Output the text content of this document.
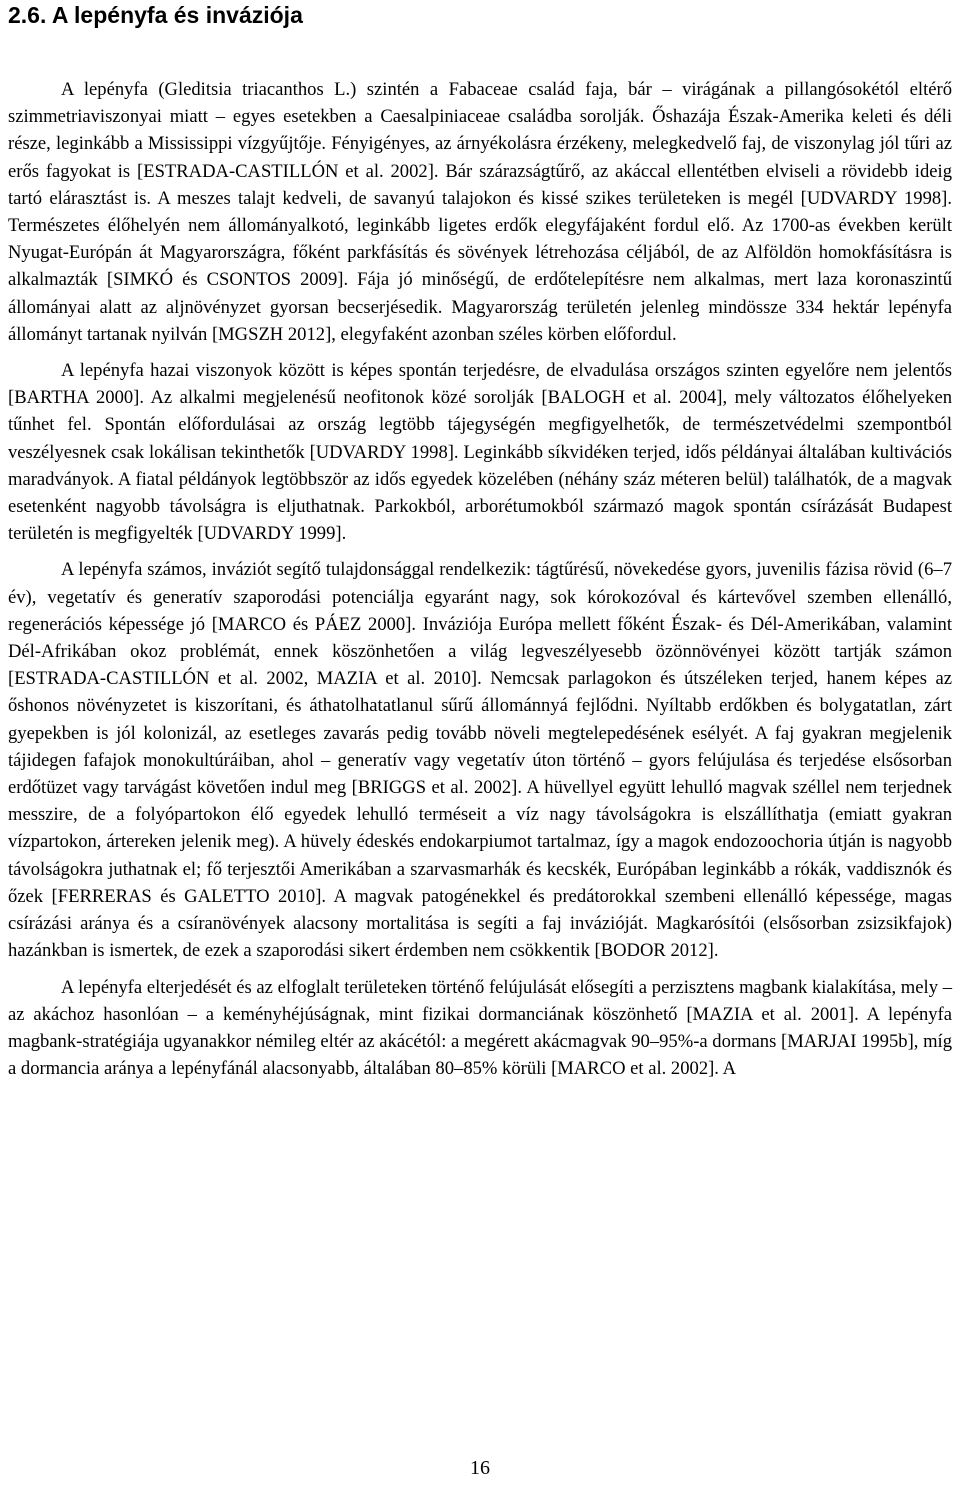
2.6. A lepényfa és inváziója

A lepényfa (Gleditsia triacanthos L.) szintén a Fabaceae család faja, bár – virágának a pillangósokétól eltérő szimmetriaviszonyai miatt – egyes esetekben a Caesalpiniaceae családba sorolják. Őshazája Észak-Amerika keleti és déli része, leginkább a Mississippi vízgyűjtője. Fényigényes, az árnyékolásra érzékeny, melegkedvelő faj, de viszonylag jól tűri az erős fagyokat is [ESTRADA-CASTILLÓN et al. 2002]. Bár szárazságtűrő, az akáccal ellentétben elviseli a rövidebb ideig tartó elárasztást is. A meszes talajt kedveli, de savanyú talajokon és kissé szikes területeken is megél [UDVARDY 1998]. Természetes élőhelyén nem állományalkotó, leginkább ligetes erdők elegyfájaként fordul elő. Az 1700-as években került Nyugat-Európán át Magyarországra, főként parkfásítás és sövények létrehozása céljából, de az Alföldön homokfásításra is alkalmazták [SIMKÓ és CSONTOS 2009]. Fája jó minőségű, de erdőtelepítésre nem alkalmas, mert laza koronaszintű állományai alatt az aljnövényzet gyorsan becserjésedik. Magyarország területén jelenleg mindössze 334 hektár lepényfa állományt tartanak nyilván [MGSZH 2012], elegyfaként azonban széles körben előfordul.

A lepényfa hazai viszonyok között is képes spontán terjedésre, de elvadulása országos szinten egyelőre nem jelentős [BARTHA 2000]. Az alkalmi megjelenésű neofitonok közé sorolják [BALOGH et al. 2004], mely változatos élőhelyeken tűnhet fel. Spontán előfordulásai az ország legtöbb tájegységén megfigyelhetők, de természetvédelmi szempontból veszélyesnek csak lokálisan tekinthetők [UDVARDY 1998]. Leginkább síkvidéken terjed, idős példányai általában kultivációs maradványok. A fiatal példányok legtöbbször az idős egyedek közelében (néhány száz méteren belül) találhatók, de a magvak esetenként nagyobb távolságra is eljuthatnak. Parkokból, arborétumokból származó magok spontán csírázását Budapest területén is megfigyelték [UDVARDY 1999].

A lepényfa számos, inváziót segítő tulajdonsággal rendelkezik: tágtűrésű, növekedése gyors, juvenilis fázisa rövid (6–7 év), vegetatív és generatív szaporodási potenciálja egyaránt nagy, sok kórokozóval és kártevővel szemben ellenálló, regenerációs képessége jó [MARCO és PÁEZ 2000]. Inváziója Európa mellett főként Észak- és Dél-Amerikában, valamint Dél-Afrikában okoz problémát, ennek köszönhetően a világ legveszélyesebb özönnövényei között tartják számon [ESTRADA-CASTILLÓN et al. 2002, MAZIA et al. 2010]. Nemcsak parlagokon és útszéleken terjed, hanem képes az őshonos növényzetet is kiszorítani, és áthatolhatatlanul sűrű állománnyá fejlődni. Nyíltabb erdőkben és bolygatatlan, zárt gyepekben is jól kolonizál, az esetleges zavarás pedig tovább növeli megtelepedésének esélyét. A faj gyakran megjelenik tájidegen fafajok monokultúráiban, ahol – generatív vagy vegetatív úton történő – gyors felújulása és terjedése elsősorban erdőtüzet vagy tarvágást követően indul meg [BRIGGS et al. 2002]. A hüvellyel együtt lehulló magvak széllel nem terjednek messzire, de a folyópartokon élő egyedek lehulló terméseit a víz nagy távolságokra is elszállíthatja (emiatt gyakran vízpartokon, ártereken jelenik meg). A hüvely édeskés endokarpiumot tartalmaz, így a magok endozoochoria útján is nagyobb távolságokra juthatnak el; fő terjesztői Amerikában a szarvasmarhák és kecskék, Európában leginkább a rókák, vaddisznók és őzek [FERRERAS és GALETTO 2010]. A magvak patogénekkel és predátorokkal szembeni ellenálló képessége, magas csírázási aránya és a csíranövények alacsony mortalitása is segíti a faj invázióját. Magkarósítói (elsősorban zsizsikfajok) hazánkban is ismertek, de ezek a szaporodási sikert érdemben nem csökkentik [BODOR 2012].

A lepényfa elterjedését és az elfoglalt területeken történő felújulását elősegíti a perzisztens magbank kialakítása, mely – az akáchoz hasonlóan – a keményhéjúságnak, mint fizikai dormanciának köszönhető [MAZIA et al. 2001]. A lepényfa magbank-stratégiája ugyanakkor némileg eltér az akácétól: a megérett akácmagvak 90–95%-a dormans [MARJAI 1995b], míg a dormancia aránya a lepényfánál alacsonyabb, általában 80–85% körüli [MARCO et al. 2002]. A

16
